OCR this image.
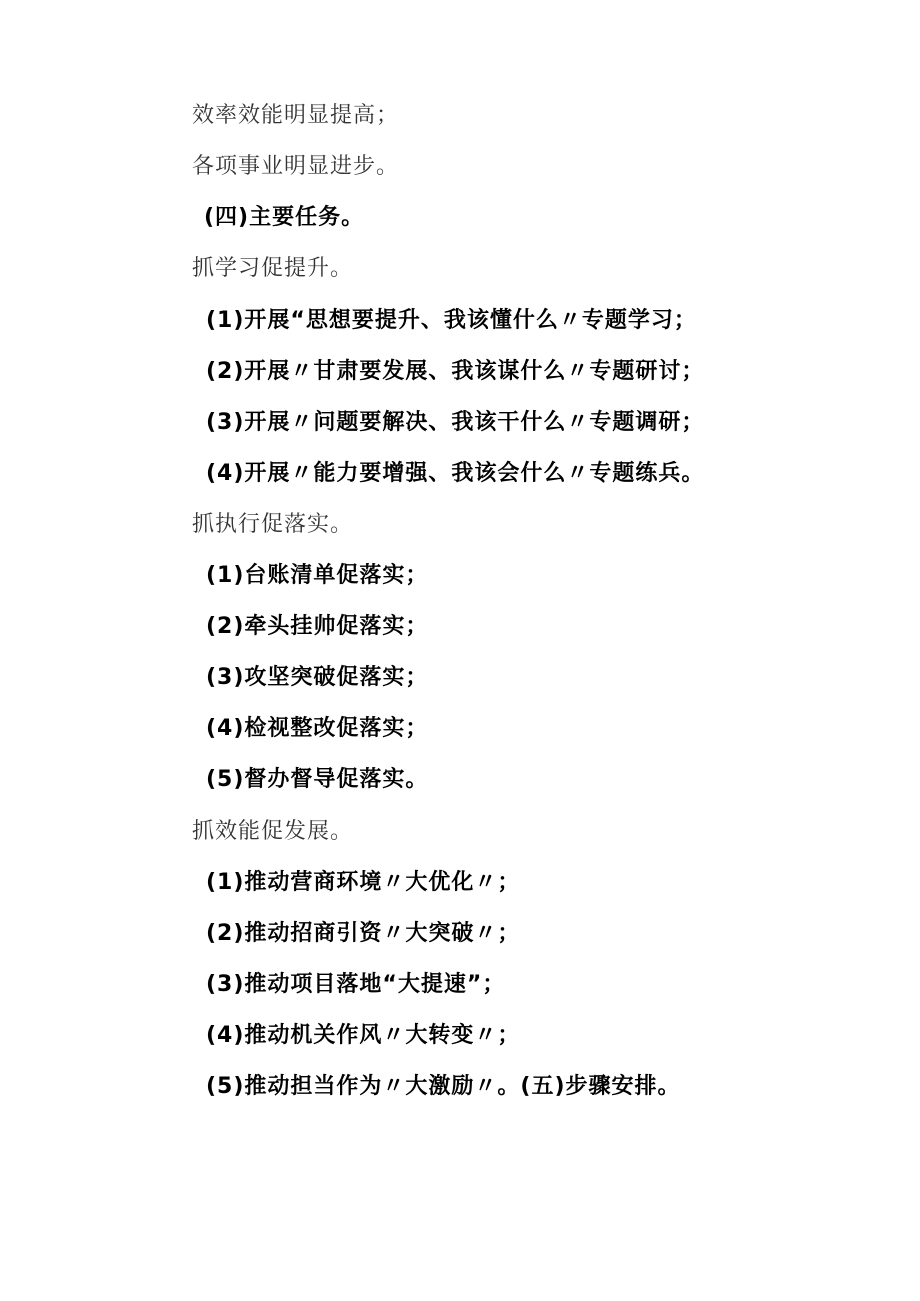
效率效能明显提高；
各项事业明显进步。
(四)主要任务。
抓学习促提升。
(1)开展“思想要提升、我该懂什么〃专题学习；
(2)开展〃甘肃要发展、我该谋什么〃专题研讨；
(3)开展〃问题要解决、我该干什么〃专题调研；
(4)开展〃能力要增强、我该会什么〃专题练兵。
抓执行促落实。
(1)台账清单促落实；
(2)牵头挂帅促落实；
(3)攻坚突破促落实；
(4)检视整改促落实；
(5)督办督导促落实。
抓效能促发展。
(1)推动营商环境〃大优化〃；
(2)推动招商引资〃大突破〃；
(3)推动项目落地“大提速”；
(4)推动机关作风〃大转变〃；
(5)推动担当作为〃大激励〃。(五)步骤安排。
